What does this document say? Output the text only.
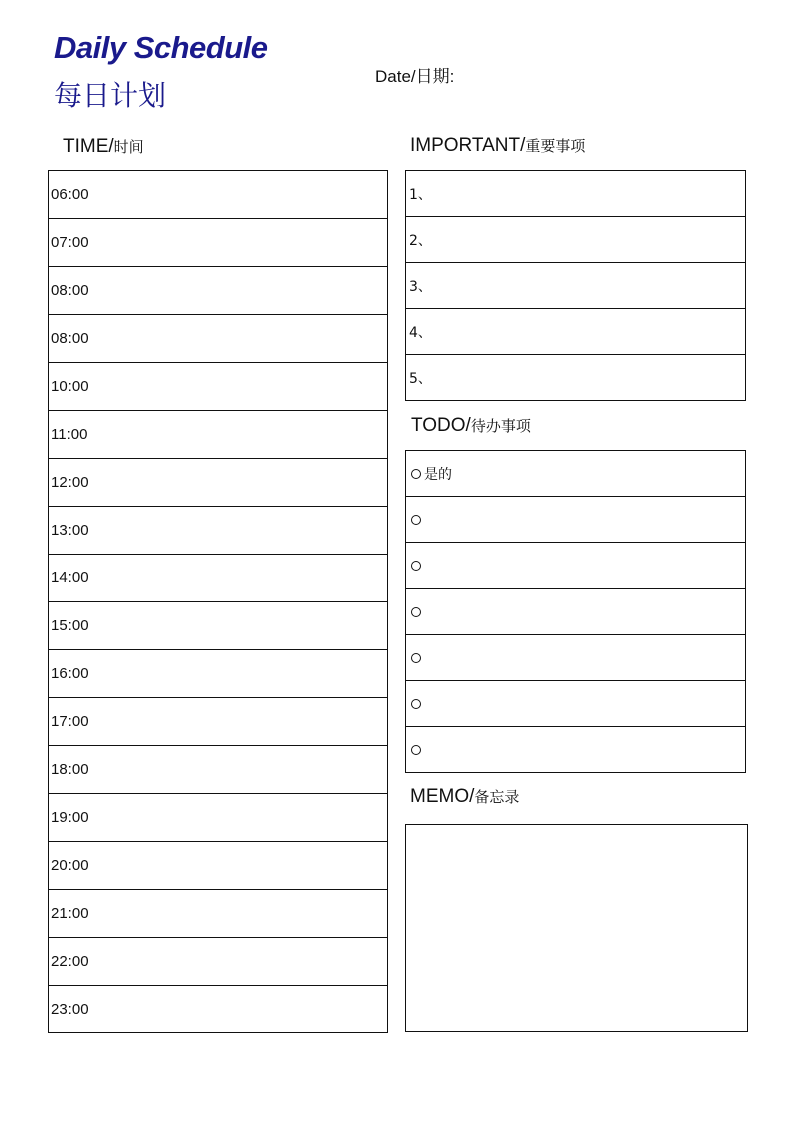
Daily Schedule
每日计划
Date/日期:
TIME/时间
06:00
07:00
08:00
08:00
10:00
11:00
12:00
13:00
14:00
15:00
16:00
17:00
18:00
19:00
20:00
21:00
22:00
23:00
IMPORTANT/重要事项
1、
2、
3、
4、
5、
TODO/待办事项
是的
MEMO/备忘录
